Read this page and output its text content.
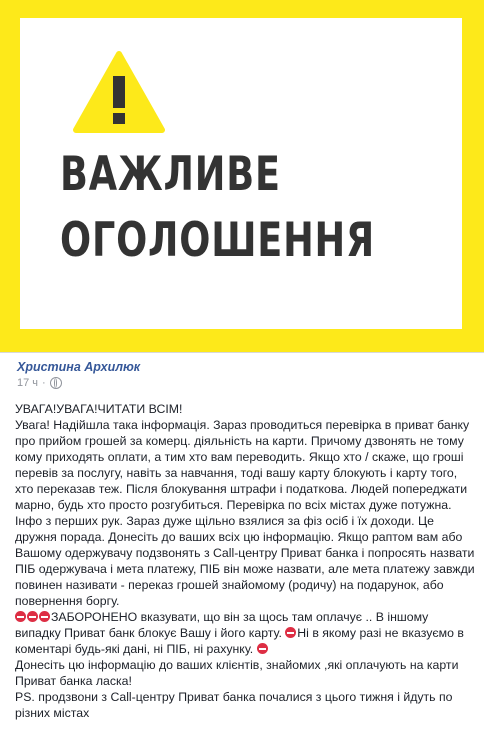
ВАЖЛИВЕ
ОГОЛОШЕННЯ
Христина Архилюк
17 ч ·

УВАГА!УВАГА!ЧИТАТИ ВСІМ!

Увага! Надійшла така інформація. Зараз проводиться перевірка в приват банку про прийом грошей за комерц. діяльність на карти. Причому дзвонять не тому кому приходять оплати, а тим хто вам переводить. Якщо хто / скаже, що гроші перевів за послугу, навіть за навчання, тоді вашу карту блокують і карту того, хто переказав теж. Після блокування штрафи і податкова. Людей попереджати марно, будь хто просто розгубиться. Перевірка по всіх містах дуже потужна. Інфо з перших рук. Зараз дуже щільно взялися за фіз осіб і їх доходи. Це дружня порада. Донесіть до ваших всіх цю інформацію. Якщо раптом вам або Вашому одержувачу подзвонять з Call-центру Приват банка і попросять назвати ПІБ одержувача і мета платежу, ПІБ він може назвати, але мета платежу завжди повинен називати - переказ грошей знайомому (родичу) на подарунок, або повернення боргу.

ЗАБОРОНЕНО вказувати, що він за щось там оплачує .. В іншому випадку Приват банк блокує Вашу і його карту. Ні в якому разі не вказуємо в коментарі будь-які дані, ні ПІБ, ні рахунку.

Донесіть цю інформацію до ваших клієнтів, знайомих ,які оплачують на карти Приват банка ласка!

PS. продзвони з Call-центру Приват банка почалися з цього тижня і йдуть по різних містах
